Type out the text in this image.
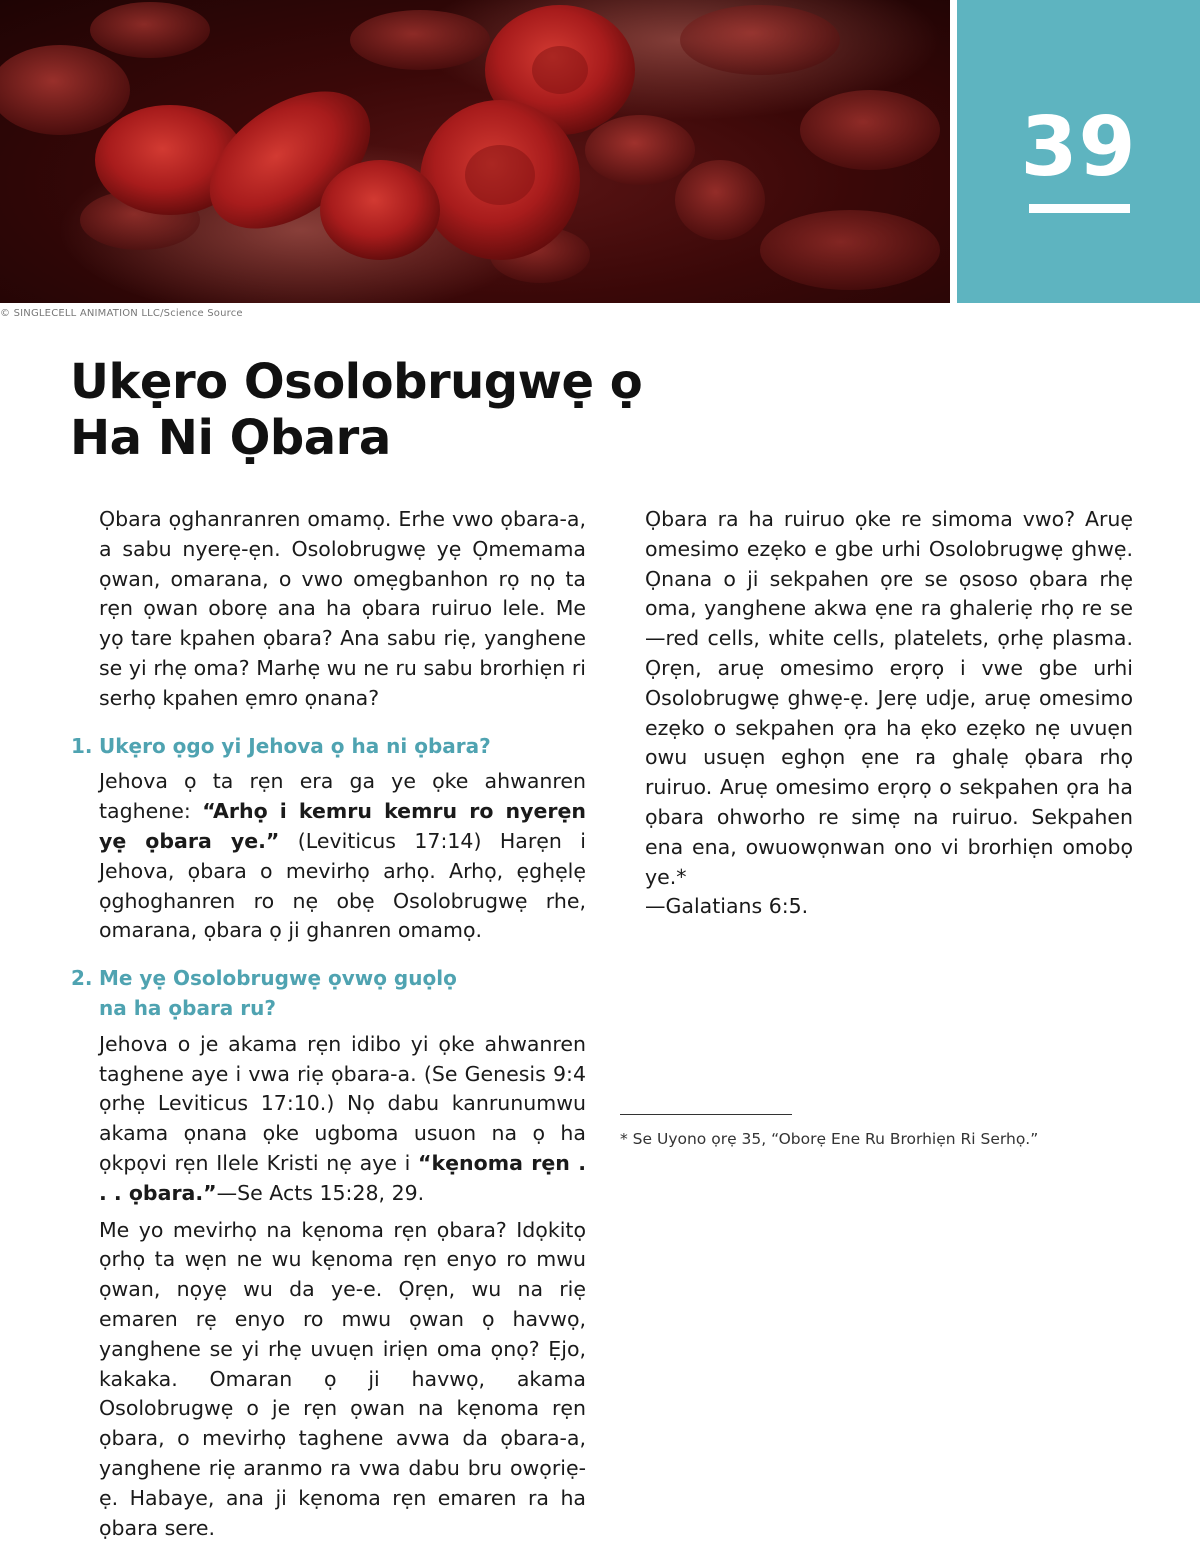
39
© SINGLECELL ANIMATION LLC/Science Source
Ukẹro Osolobrugwẹ ọ
Ha Ni Ọbara

Ọbara ọghanranren omamọ. Erhe vwo ọbara-a, a sabu nyerẹ-ẹn. Osolobrugwẹ yẹ Ọmemama ọwan, omarana, o vwo omẹgbanhon rọ nọ ta rẹn ọwan oborẹ ana ha ọbara ruiruo lele. Me yọ tare kpahen ọbara? Ana sabu riẹ, yanghene se yi rhẹ oma? Marhẹ wu ne ru sabu brorhiẹn ri serhọ kpahen ẹmro ọnana?

1. Ukẹro ọgo yi Jehova ọ ha ni ọbara?

Jehova ọ ta rẹn era ga ye ọke ahwanren taghene: “Arhọ i kemru kemru ro nyerẹn yẹ ọbara ye.” (Leviticus 17:14) Harẹn i Jehova, ọbara o mevirhọ arhọ. Arhọ, ẹghẹlẹ ọghoghanren ro nẹ obẹ Osolobrugwẹ rhe, omarana, ọbara ọ ji ghanren omamọ.

2. Me yẹ Osolobrugwẹ ọvwọ guọlọ
na ha ọbara ru?

Jehova o je akama rẹn idibo yi ọke ahwanren taghene aye i vwa riẹ ọbara-a. (Se Genesis 9:4 ọrhẹ Leviticus 17:10.) Nọ dabu kanrunumwu akama ọnana ọke ugboma usuon na ọ ha ọkpọvi rẹn Ilele Kristi nẹ aye i “kẹnoma rẹn . . . ọbara.”—Se Acts 15:28, 29.

Me yo mevirhọ na kẹnoma rẹn ọbara? Idọkitọ ọrhọ ta wẹn ne wu kẹnoma rẹn enyo ro mwu ọwan, nọyẹ wu da ye-e. Ọrẹn, wu na riẹ emaren rẹ enyo ro mwu ọwan ọ havwọ, yanghene se yi rhẹ uvuẹn iriẹn oma ọnọ? Ẹjo, kakaka. Omaran ọ ji havwọ, akama Osolobrugwẹ o je rẹn ọwan na kẹnoma rẹn ọbara, o mevirhọ taghene avwa da ọbara-a, yanghene riẹ aranmo ra vwa dabu bru owọriẹ-ẹ. Habaye, ana ji kẹnoma rẹn emaren ra ha ọbara sere.

Ọbara ra ha ruiruo ọke re simoma vwo? Aruẹ omesimo ezẹko e gbe urhi Osolobrugwẹ ghwẹ. Ọnana o ji sekpahen ọre se ọsoso ọbara rhẹ oma, yanghene akwa ẹne ra ghaleriẹ rhọ re se—red cells, white cells, platelets, ọrhẹ plasma. Ọrẹn, aruẹ omesimo erọrọ i vwe gbe urhi Osolobrugwẹ ghwẹ-ẹ. Jerẹ udje, aruẹ omesimo ezẹko o sekpahen ọra ha ẹko ezẹko nẹ uvuẹn owu usuẹn eghọn ẹne ra ghalẹ ọbara rhọ ruiruo. Aruẹ omesimo erọrọ o sekpahen ọra ha ọbara ohworho re simẹ na ruiruo. Sekpahen ena ena, owuowọnwan ono vi brorhiẹn omobọ ye.*
—Galatians 6:5.

* Se Uyono ọrẹ 35, “Oborẹ Ene Ru Brorhiẹn Ri Serhọ.”
